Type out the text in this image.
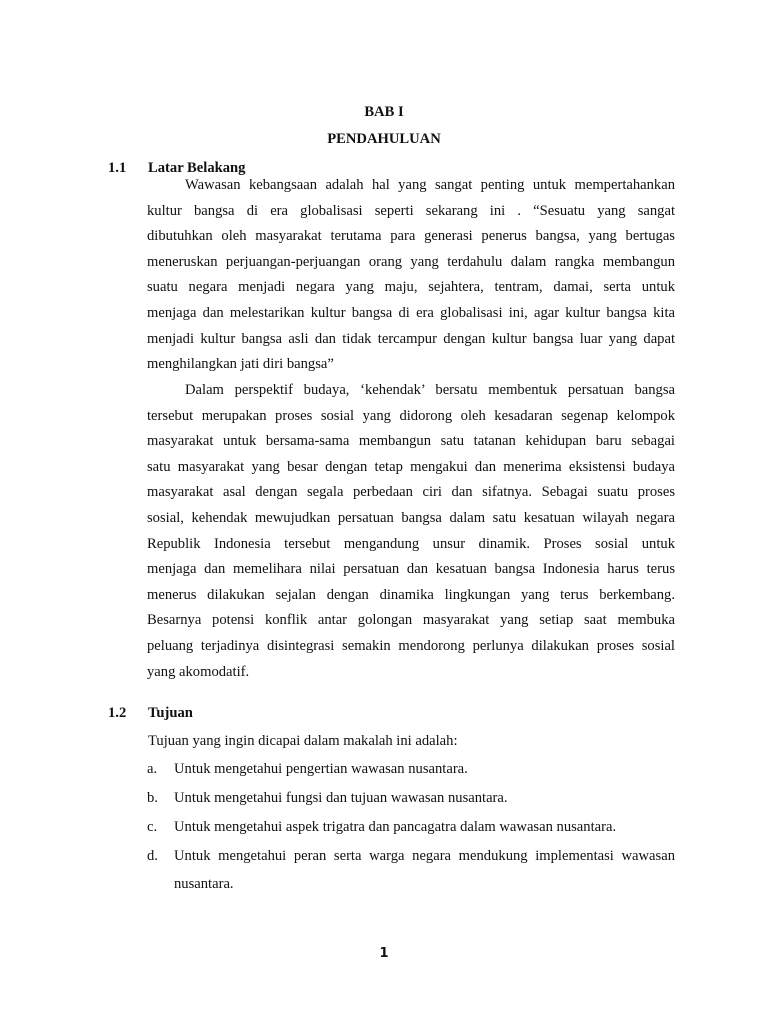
BAB I
PENDAHULUAN
1.1 Latar Belakang
Wawasan kebangsaan adalah hal yang sangat penting untuk mempertahankan
kultur bangsa di era globalisasi seperti sekarang ini . “Sesuatu yang sangat
dibutuhkan oleh masyarakat terutama para generasi penerus bangsa, yang bertugas
meneruskan perjuangan-perjuangan orang yang terdahulu dalam rangka membangun
suatu negara menjadi negara yang maju, sejahtera, tentram, damai, serta untuk
menjaga dan melestarikan kultur bangsa di era globalisasi ini, agar kultur bangsa kita
menjadi kultur bangsa asli dan tidak tercampur dengan kultur bangsa luar yang dapat
menghilangkan jati diri bangsa”
Dalam perspektif budaya, ‘kehendak’ bersatu membentuk persatuan bangsa
tersebut merupakan proses sosial yang didorong oleh kesadaran segenap kelompok
masyarakat untuk bersama-sama membangun satu tatanan kehidupan baru sebagai
satu masyarakat yang besar dengan tetap mengakui dan menerima eksistensi budaya
masyarakat asal dengan segala perbedaan ciri dan sifatnya. Sebagai suatu proses
sosial, kehendak mewujudkan persatuan bangsa dalam satu kesatuan wilayah negara
Republik Indonesia tersebut mengandung unsur dinamik. Proses sosial untuk
menjaga dan memelihara nilai persatuan dan kesatuan bangsa Indonesia harus terus
menerus dilakukan sejalan dengan dinamika lingkungan yang terus berkembang.
Besarnya potensi konflik antar golongan masyarakat yang setiap saat membuka
peluang terjadinya disintegrasi semakin mendorong perlunya dilakukan proses sosial
yang akomodatif.
1.2 Tujuan
Tujuan yang ingin dicapai dalam makalah ini adalah:
a. Untuk mengetahui pengertian wawasan nusantara.
b. Untuk mengetahui fungsi dan tujuan wawasan nusantara.
c. Untuk mengetahui aspek trigatra dan pancagatra dalam wawasan nusantara.
d. Untuk mengetahui peran serta warga negara mendukung implementasi wawasan
nusantara.
1
